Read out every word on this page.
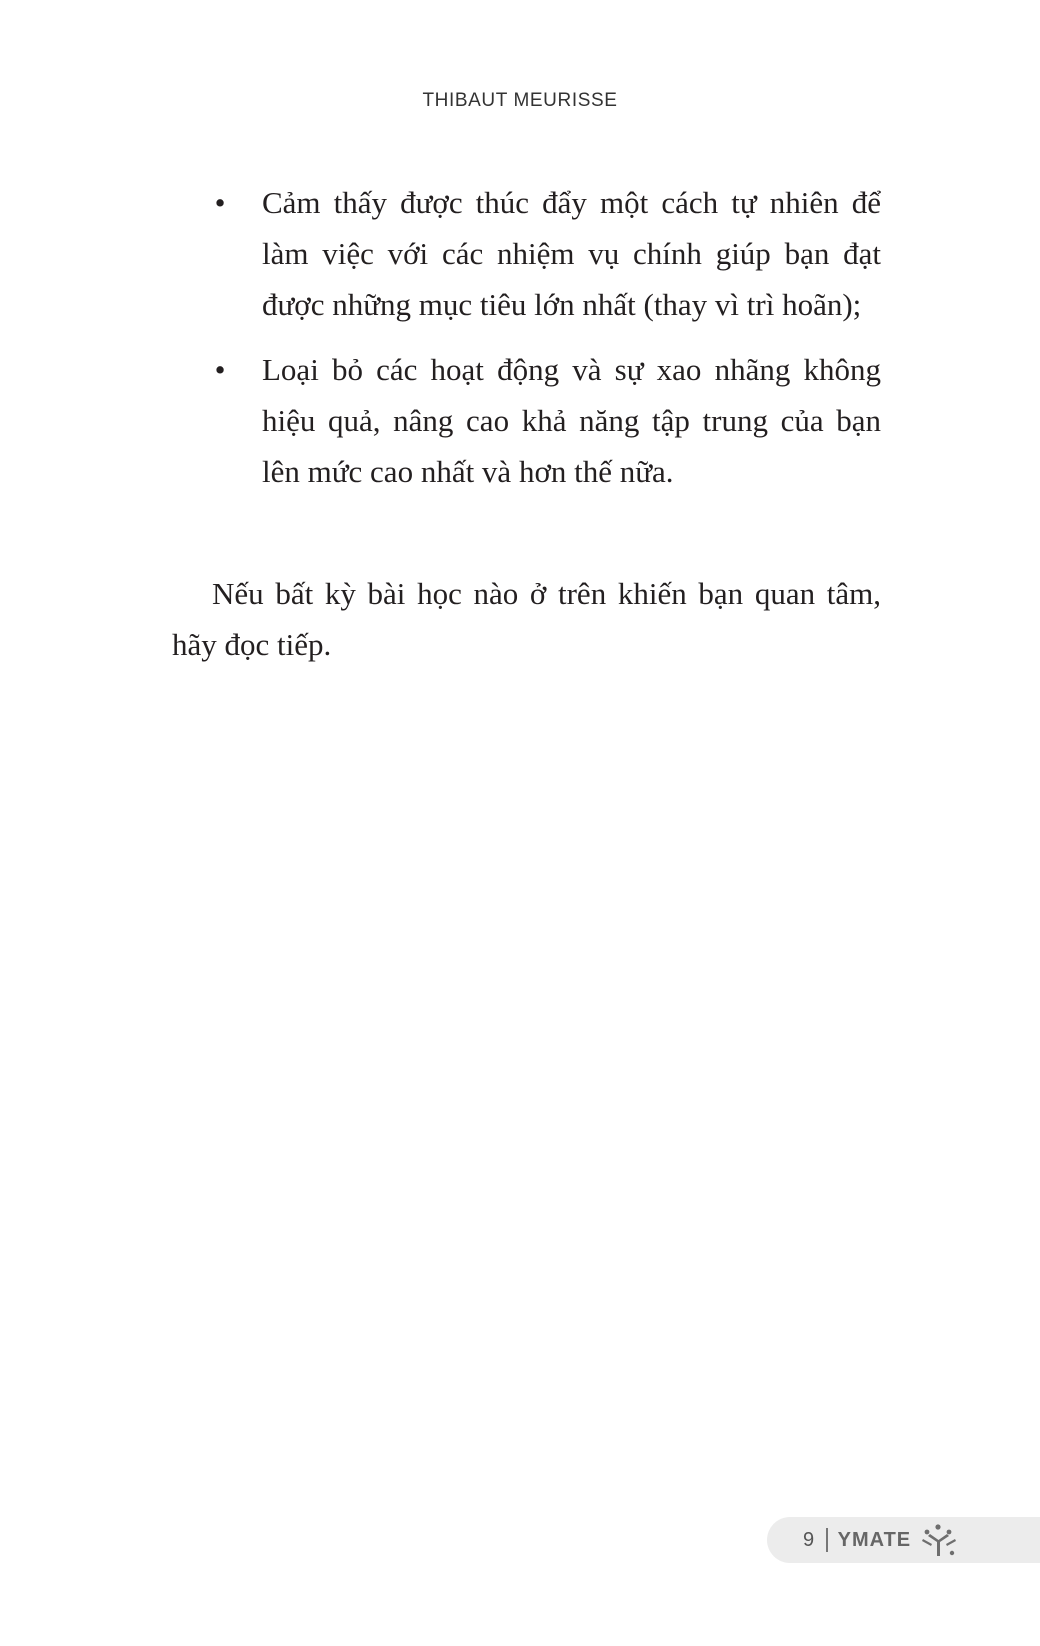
THIBAUT MEURISSE
• Cảm thấy được thúc đẩy một cách tự nhiên để làm việc với các nhiệm vụ chính giúp bạn đạt được những mục tiêu lớn nhất (thay vì trì hoãn);
• Loại bỏ các hoạt động và sự xao nhãng không hiệu quả, nâng cao khả năng tập trung của bạn lên mức cao nhất và hơn thế nữa.

Nếu bất kỳ bài học nào ở trên khiến bạn quan tâm, hãy đọc tiếp.

9 YMATE
